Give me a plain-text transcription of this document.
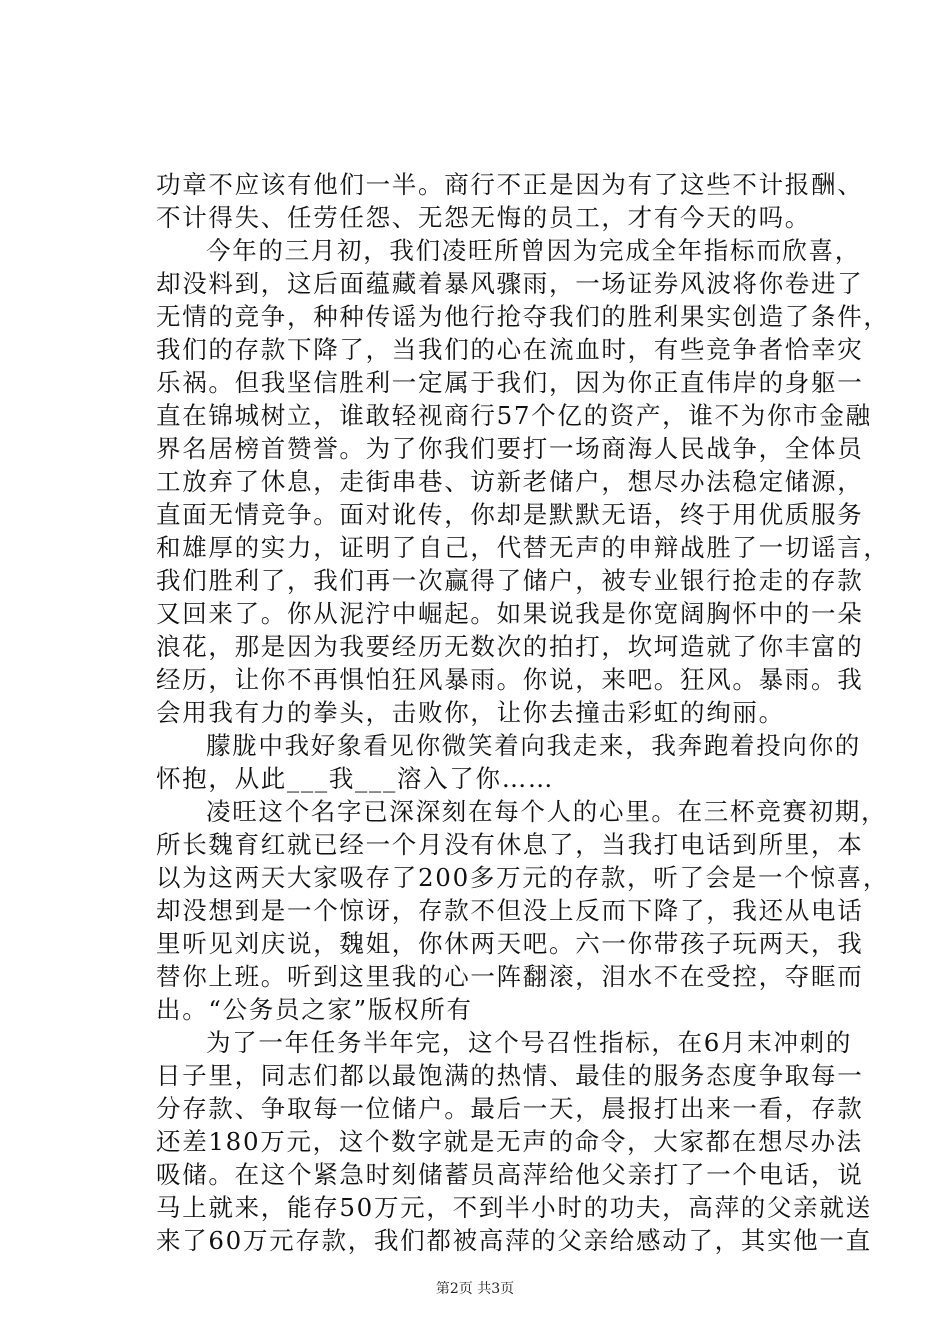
功章不应该有他们一半。商行不正是因为有了这些不计报酬、
不计得失、任劳任怨、无怨无悔的员工，才有今天的吗。
今年的三月初，我们凌旺所曾因为完成全年指标而欣喜，
却没料到，这后面蕴藏着暴风骤雨，一场证券风波将你卷进了
无情的竞争，种种传谣为他行抢夺我们的胜利果实创造了条件，
我们的存款下降了，当我们的心在流血时，有些竞争者恰幸灾
乐祸。但我坚信胜利一定属于我们，因为你正直伟岸的身躯一
直在锦城树立，谁敢轻视商行57个亿的资产，谁不为你市金融
界名居榜首赞誉。为了你我们要打一场商海人民战争，全体员
工放弃了休息，走街串巷、访新老储户，想尽办法稳定储源，
直面无情竞争。面对讹传，你却是默默无语，终于用优质服务
和雄厚的实力，证明了自己，代替无声的申辩战胜了一切谣言，
我们胜利了，我们再一次赢得了储户，被专业银行抢走的存款
又回来了。你从泥泞中崛起。如果说我是你宽阔胸怀中的一朵
浪花，那是因为我要经历无数次的拍打，坎坷造就了你丰富的
经历，让你不再惧怕狂风暴雨。你说，来吧。狂风。暴雨。我
会用我有力的拳头，击败你，让你去撞击彩虹的绚丽。
朦胧中我好象看见你微笑着向我走来，我奔跑着投向你的
怀抱，从此___我___溶入了你……
凌旺这个名字已深深刻在每个人的心里。在三杯竞赛初期，
所长魏育红就已经一个月没有休息了，当我打电话到所里，本
以为这两天大家吸存了200多万元的存款，听了会是一个惊喜，
却没想到是一个惊讶，存款不但没上反而下降了，我还从电话
里听见刘庆说，魏姐，你休两天吧。六一你带孩子玩两天，我
替你上班。听到这里我的心一阵翻滚，泪水不在受控，夺眶而
出。“公务员之家”版权所有
为了一年任务半年完，这个号召性指标，在6月末冲刺的
日子里，同志们都以最饱满的热情、最佳的服务态度争取每一
分存款、争取每一位储户。最后一天，晨报打出来一看，存款
还差180万元，这个数字就是无声的命令，大家都在想尽办法
吸储。在这个紧急时刻储蓄员高萍给他父亲打了一个电话，说
马上就来，能存50万元，不到半小时的功夫，高萍的父亲就送
来了60万元存款，我们都被高萍的父亲给感动了，其实他一直
第2页 共3页
